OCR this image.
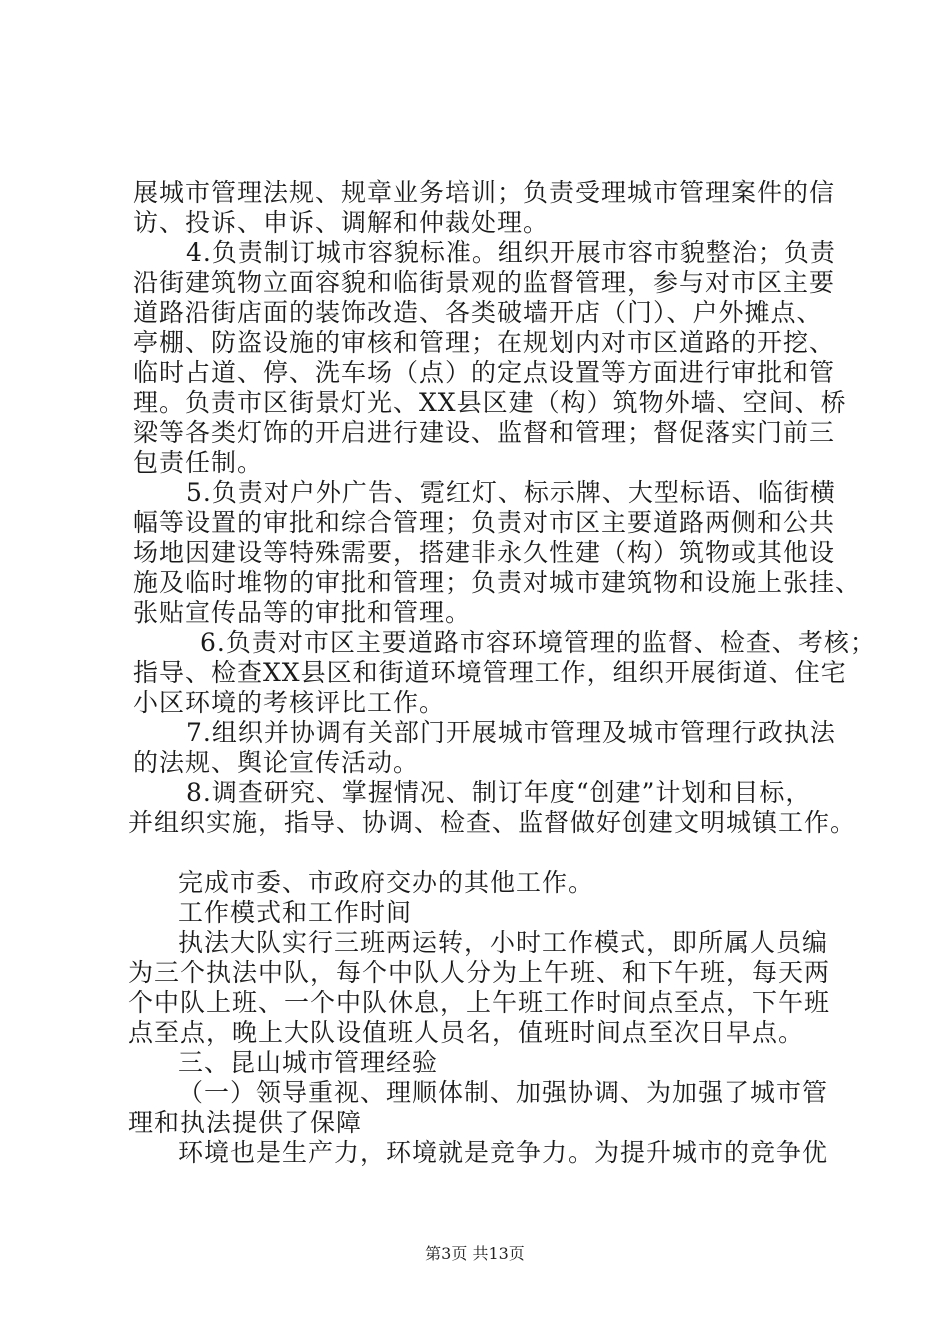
展城市管理法规、规章业务培训；负责受理城市管理案件的信
访、投诉、申诉、调解和仲裁处理。
4.负责制订城市容貌标准。组织开展市容市貌整治；负责
沿街建筑物立面容貌和临街景观的监督管理，参与对市区主要
道路沿街店面的装饰改造、各类破墙开店（门）、户外摊点、
亭棚、防盗设施的审核和管理；在规划内对市区道路的开挖、
临时占道、停、洗车场（点）的定点设置等方面进行审批和管
理。负责市区街景灯光、XX县区建（构）筑物外墙、空间、桥
梁等各类灯饰的开启进行建设、监督和管理；督促落实门前三
包责任制。
5.负责对户外广告、霓红灯、标示牌、大型标语、临街横
幅等设置的审批和综合管理；负责对市区主要道路两侧和公共
场地因建设等特殊需要，搭建非永久性建（构）筑物或其他设
施及临时堆物的审批和管理；负责对城市建筑物和设施上张挂、
张贴宣传品等的审批和管理。
6.负责对市区主要道路市容环境管理的监督、检查、考核；
指导、检查XX县区和街道环境管理工作，组织开展街道、住宅
小区环境的考核评比工作。
7.组织并协调有关部门开展城市管理及城市管理行政执法
的法规、舆论宣传活动。
8.调查研究、掌握情况、制订年度“创建”计划和目标，
并组织实施，指导、协调、检查、监督做好创建文明城镇工作。
完成市委、市政府交办的其他工作。
工作模式和工作时间
执法大队实行三班两运转，小时工作模式，即所属人员编
为三个执法中队，每个中队人分为上午班、和下午班，每天两
个中队上班、一个中队休息，上午班工作时间点至点，下午班
点至点，晚上大队设值班人员名，值班时间点至次日早点。
三、昆山城市管理经验
（一）领导重视、理顺体制、加强协调、为加强了城市管
理和执法提供了保障
环境也是生产力，环境就是竞争力。为提升城市的竞争优
第3页 共13页
